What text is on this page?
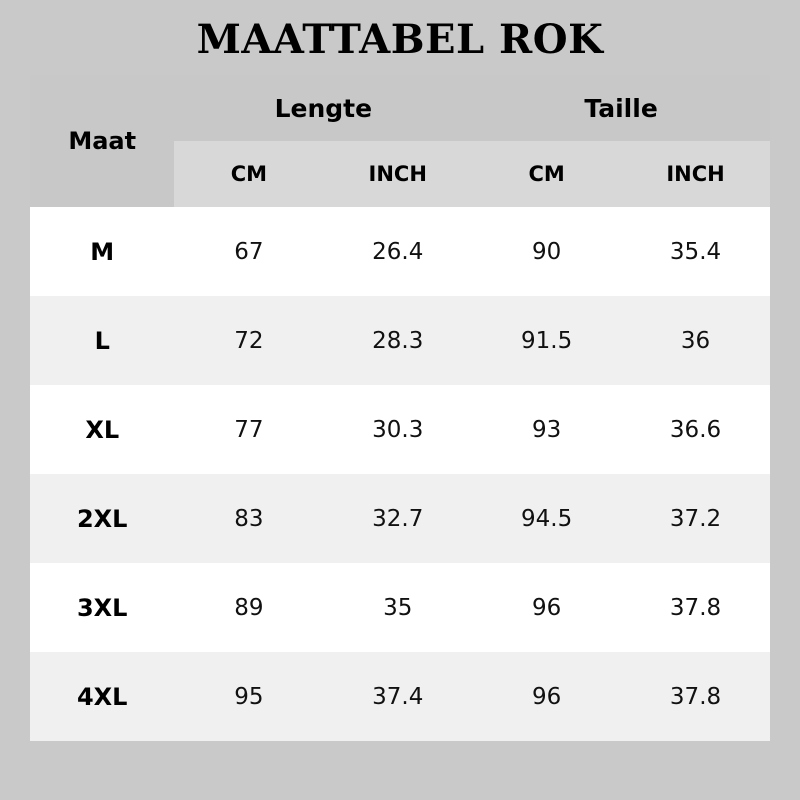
MAATTABEL ROK
Maat	Lengte		Taille	
	CM	INCH	CM	INCH
M	67	26.4	90	35.4
L	72	28.3	91.5	36
XL	77	30.3	93	36.6
2XL	83	32.7	94.5	37.2
3XL	89	35	96	37.8
4XL	95	37.4	96	37.8
